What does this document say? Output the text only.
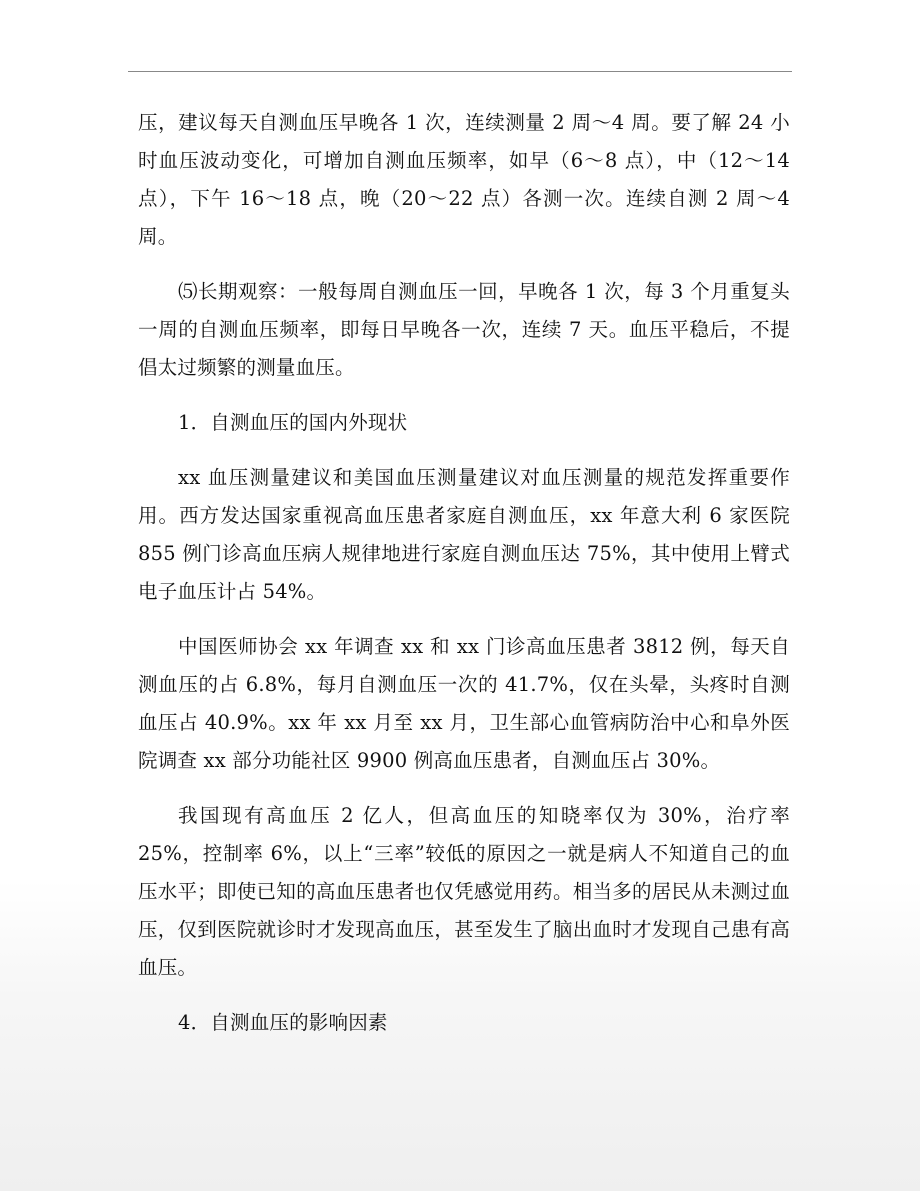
压，建议每天自测血压早晚各 1 次，连续测量 2 周～4 周。要了解 24 小时血压波动变化，可增加自测血压频率，如早（6～8 点），中（12～14 点），下午 16～18 点，晚（20～22 点）各测一次。连续自测 2 周～4 周。

⑸长期观察：一般每周自测血压一回，早晚各 1 次，每 3 个月重复头一周的自测血压频率，即每日早晚各一次，连续 7 天。血压平稳后，不提倡太过频繁的测量血压。

1．自测血压的国内外现状

xx 血压测量建议和美国血压测量建议对血压测量的规范发挥重要作用。西方发达国家重视高血压患者家庭自测血压，xx 年意大利 6 家医院 855 例门诊高血压病人规律地进行家庭自测血压达 75%，其中使用上臂式电子血压计占 54%。

中国医师协会 xx 年调查 xx 和 xx 门诊高血压患者 3812 例，每天自测血压的占 6.8%，每月自测血压一次的 41.7%，仅在头晕，头疼时自测血压占 40.9%。xx 年 xx 月至 xx 月，卫生部心血管病防治中心和阜外医院调查 xx 部分功能社区 9900 例高血压患者，自测血压占 30%。

我国现有高血压 2 亿人，但高血压的知晓率仅为 30%，治疗率 25%，控制率 6%，以上“三率”较低的原因之一就是病人不知道自己的血压水平；即使已知的高血压患者也仅凭感觉用药。相当多的居民从未测过血压，仅到医院就诊时才发现高血压，甚至发生了脑出血时才发现自己患有高血压。

4．自测血压的影响因素
